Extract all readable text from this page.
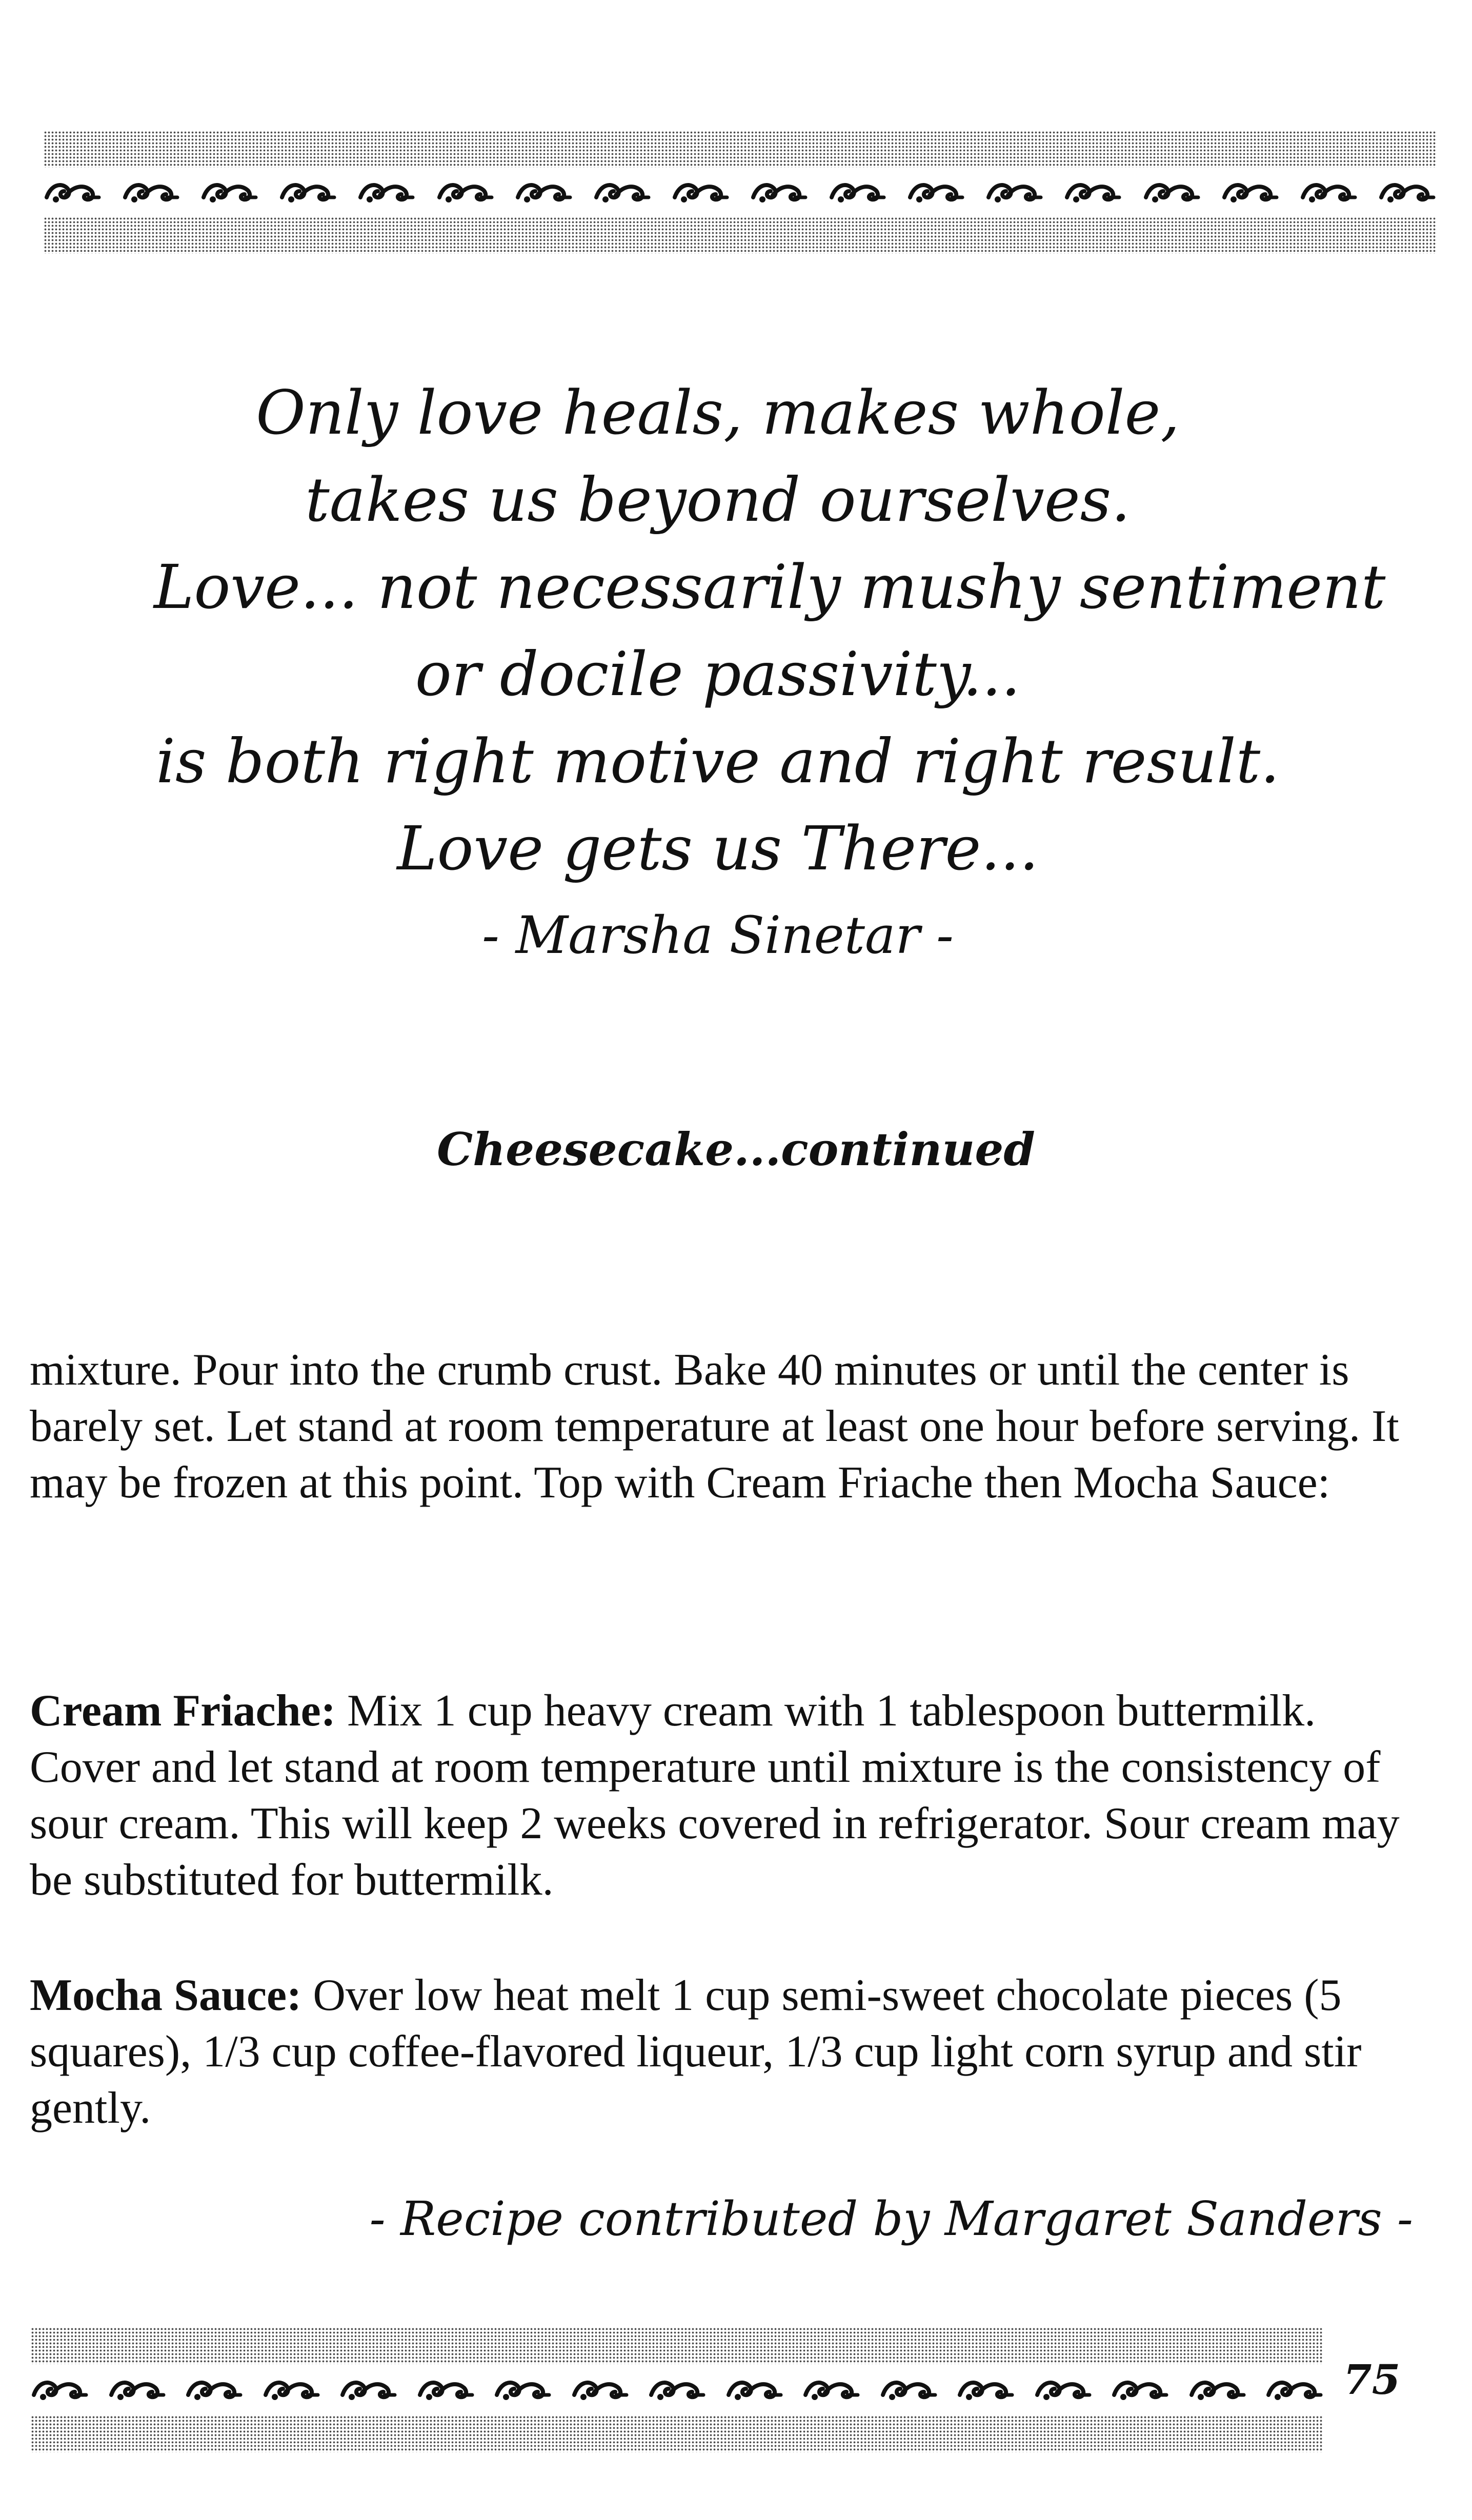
Only love heals, makes whole,
takes us beyond ourselves.
Love... not necessarily mushy sentiment
or docile passivity...
is both right motive and right result.
Love gets us There...
- Marsha Sinetar -
Cheesecake...continued

mixture. Pour into the crumb crust. Bake 40 minutes or until the center is barely set. Let stand at room temperature at least one hour before serving. It may be frozen at this point. Top with Cream Friache then Mocha Sauce:

Cream Friache: Mix 1 cup heavy cream with 1 tablespoon buttermilk. Cover and let stand at room temperature until mixture is the consistency of sour cream. This will keep 2 weeks covered in refrigerator. Sour cream may be substituted for buttermilk.

Mocha Sauce: Over low heat melt 1 cup semi-sweet chocolate pieces (5 squares), 1/3 cup coffee-flavored liqueur, 1/3 cup light corn syrup and stir gently.

- Recipe contributed by Margaret Sanders -
75
